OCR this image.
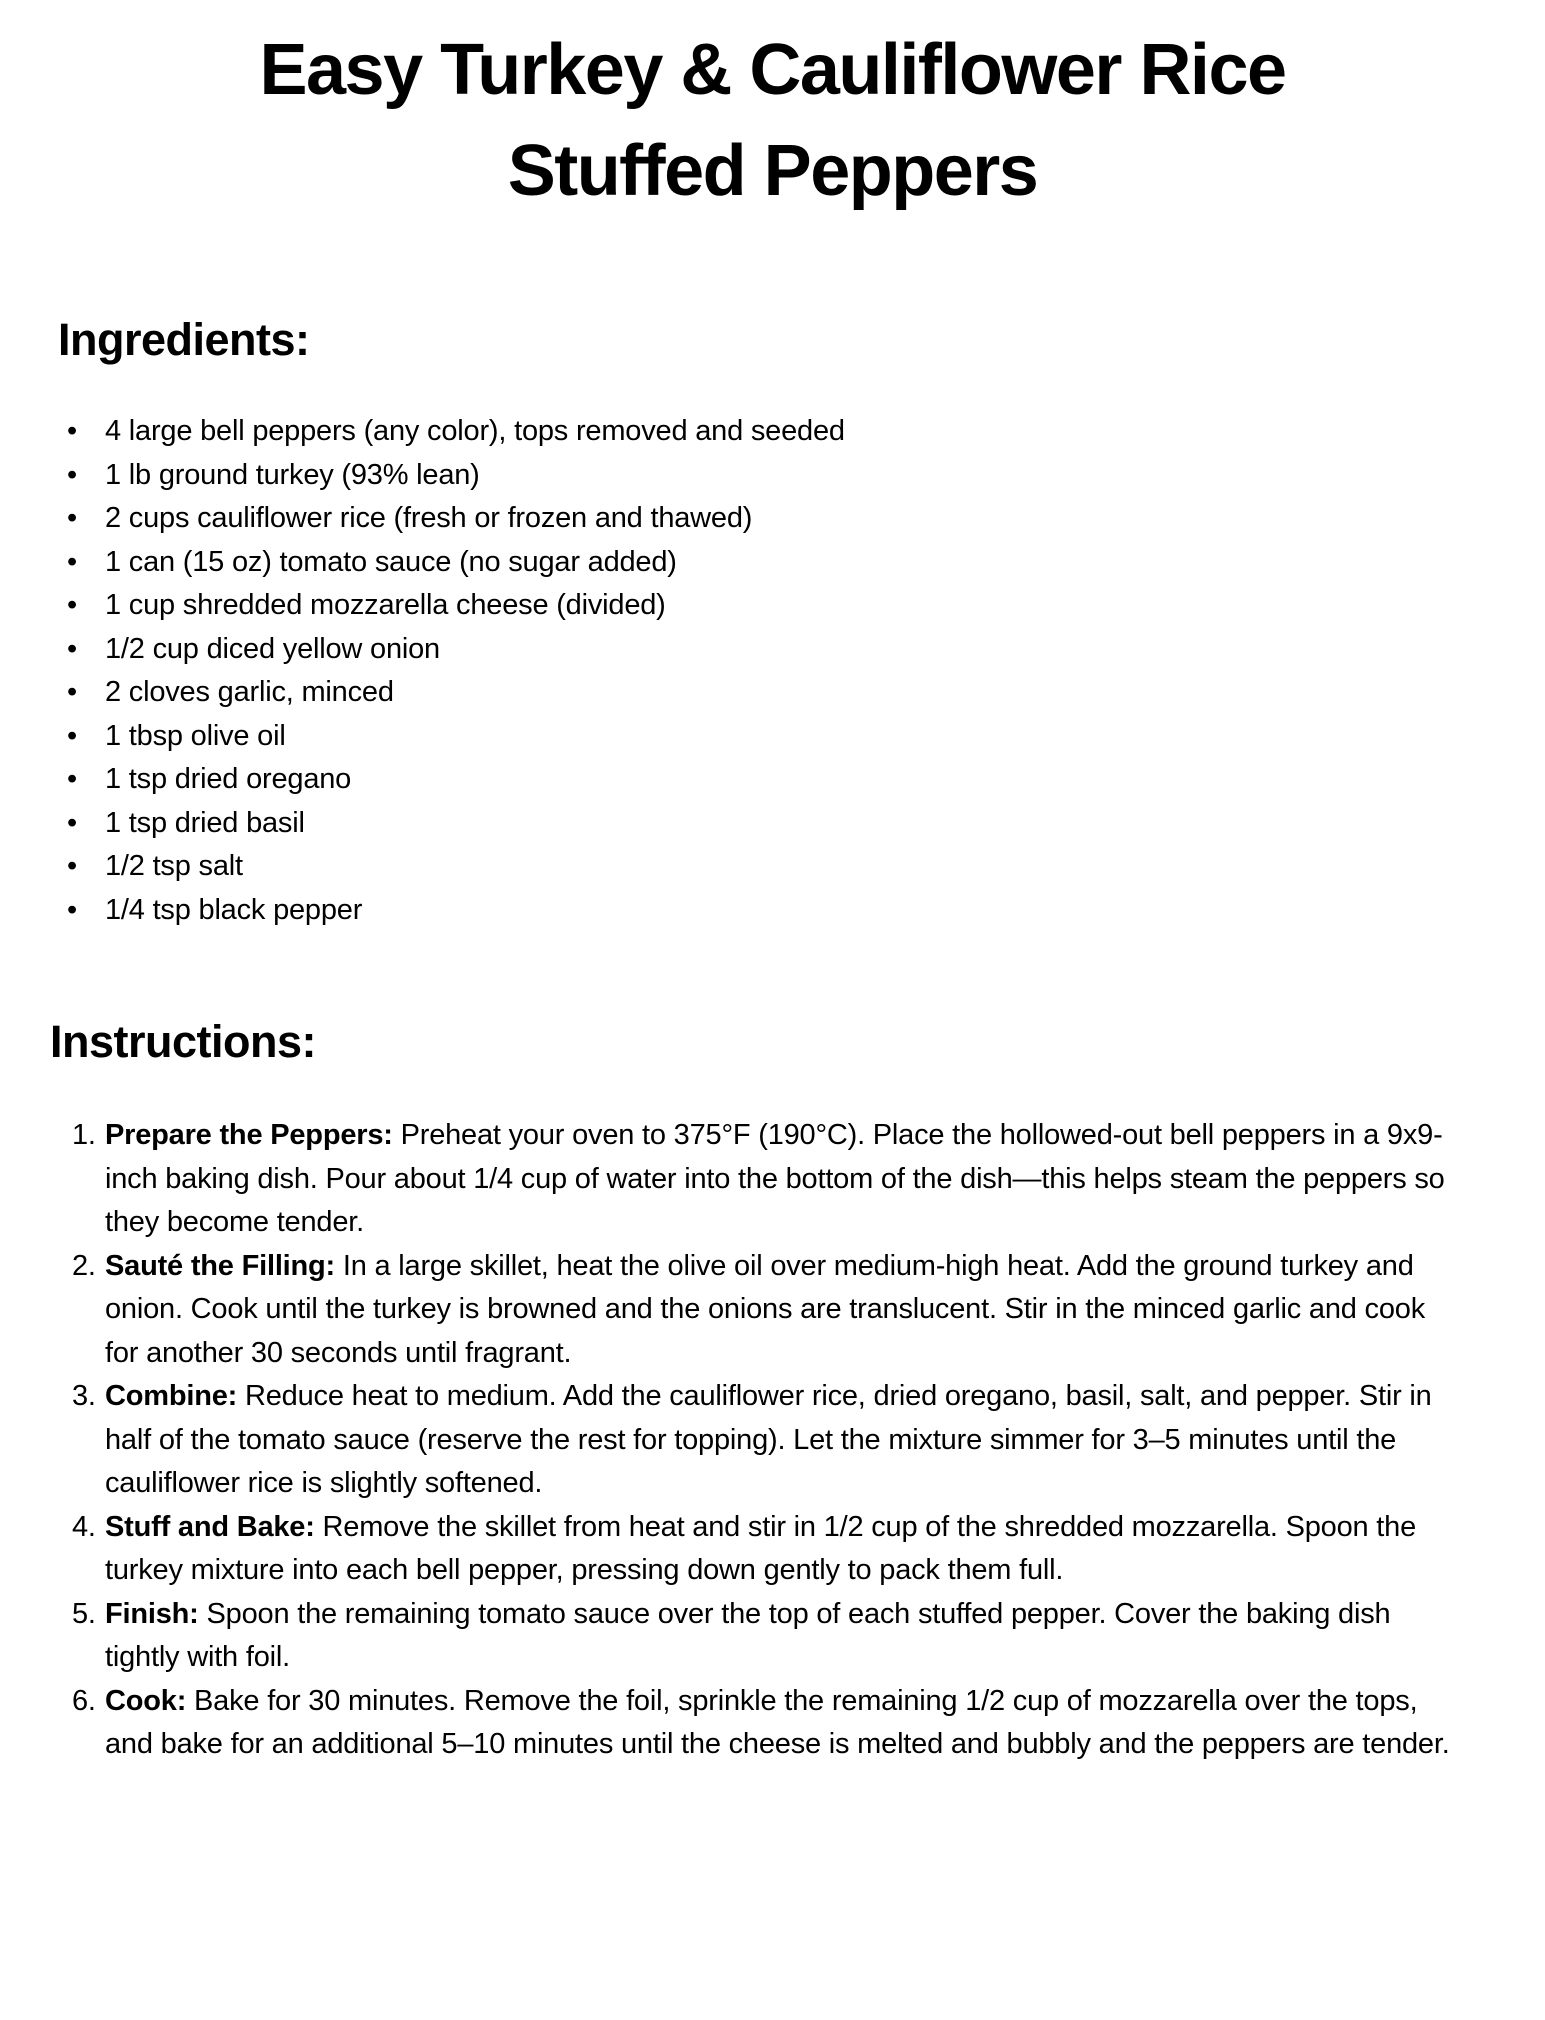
Easy Turkey & Cauliflower Rice
Stuffed Peppers
Ingredients:
• 4 large bell peppers (any color), tops removed and seeded
• 1 lb ground turkey (93% lean)
• 2 cups cauliflower rice (fresh or frozen and thawed)
• 1 can (15 oz) tomato sauce (no sugar added)
• 1 cup shredded mozzarella cheese (divided)
• 1/2 cup diced yellow onion
• 2 cloves garlic, minced
• 1 tbsp olive oil
• 1 tsp dried oregano
• 1 tsp dried basil
• 1/2 tsp salt
• 1/4 tsp black pepper
Instructions:
1. Prepare the Peppers: Preheat your oven to 375°F (190°C). Place the hollowed-out bell peppers in a 9x9-inch baking dish. Pour about 1/4 cup of water into the bottom of the dish—this helps steam the peppers so they become tender.
2. Sauté the Filling: In a large skillet, heat the olive oil over medium-high heat. Add the ground turkey and onion. Cook until the turkey is browned and the onions are translucent. Stir in the minced garlic and cook for another 30 seconds until fragrant.
3. Combine: Reduce heat to medium. Add the cauliflower rice, dried oregano, basil, salt, and pepper. Stir in half of the tomato sauce (reserve the rest for topping). Let the mixture simmer for 3–5 minutes until the cauliflower rice is slightly softened.
4. Stuff and Bake: Remove the skillet from heat and stir in 1/2 cup of the shredded mozzarella. Spoon the turkey mixture into each bell pepper, pressing down gently to pack them full.
5. Finish: Spoon the remaining tomato sauce over the top of each stuffed pepper. Cover the baking dish tightly with foil.
6. Cook: Bake for 30 minutes. Remove the foil, sprinkle the remaining 1/2 cup of mozzarella over the tops, and bake for an additional 5–10 minutes until the cheese is melted and bubbly and the peppers are tender.
